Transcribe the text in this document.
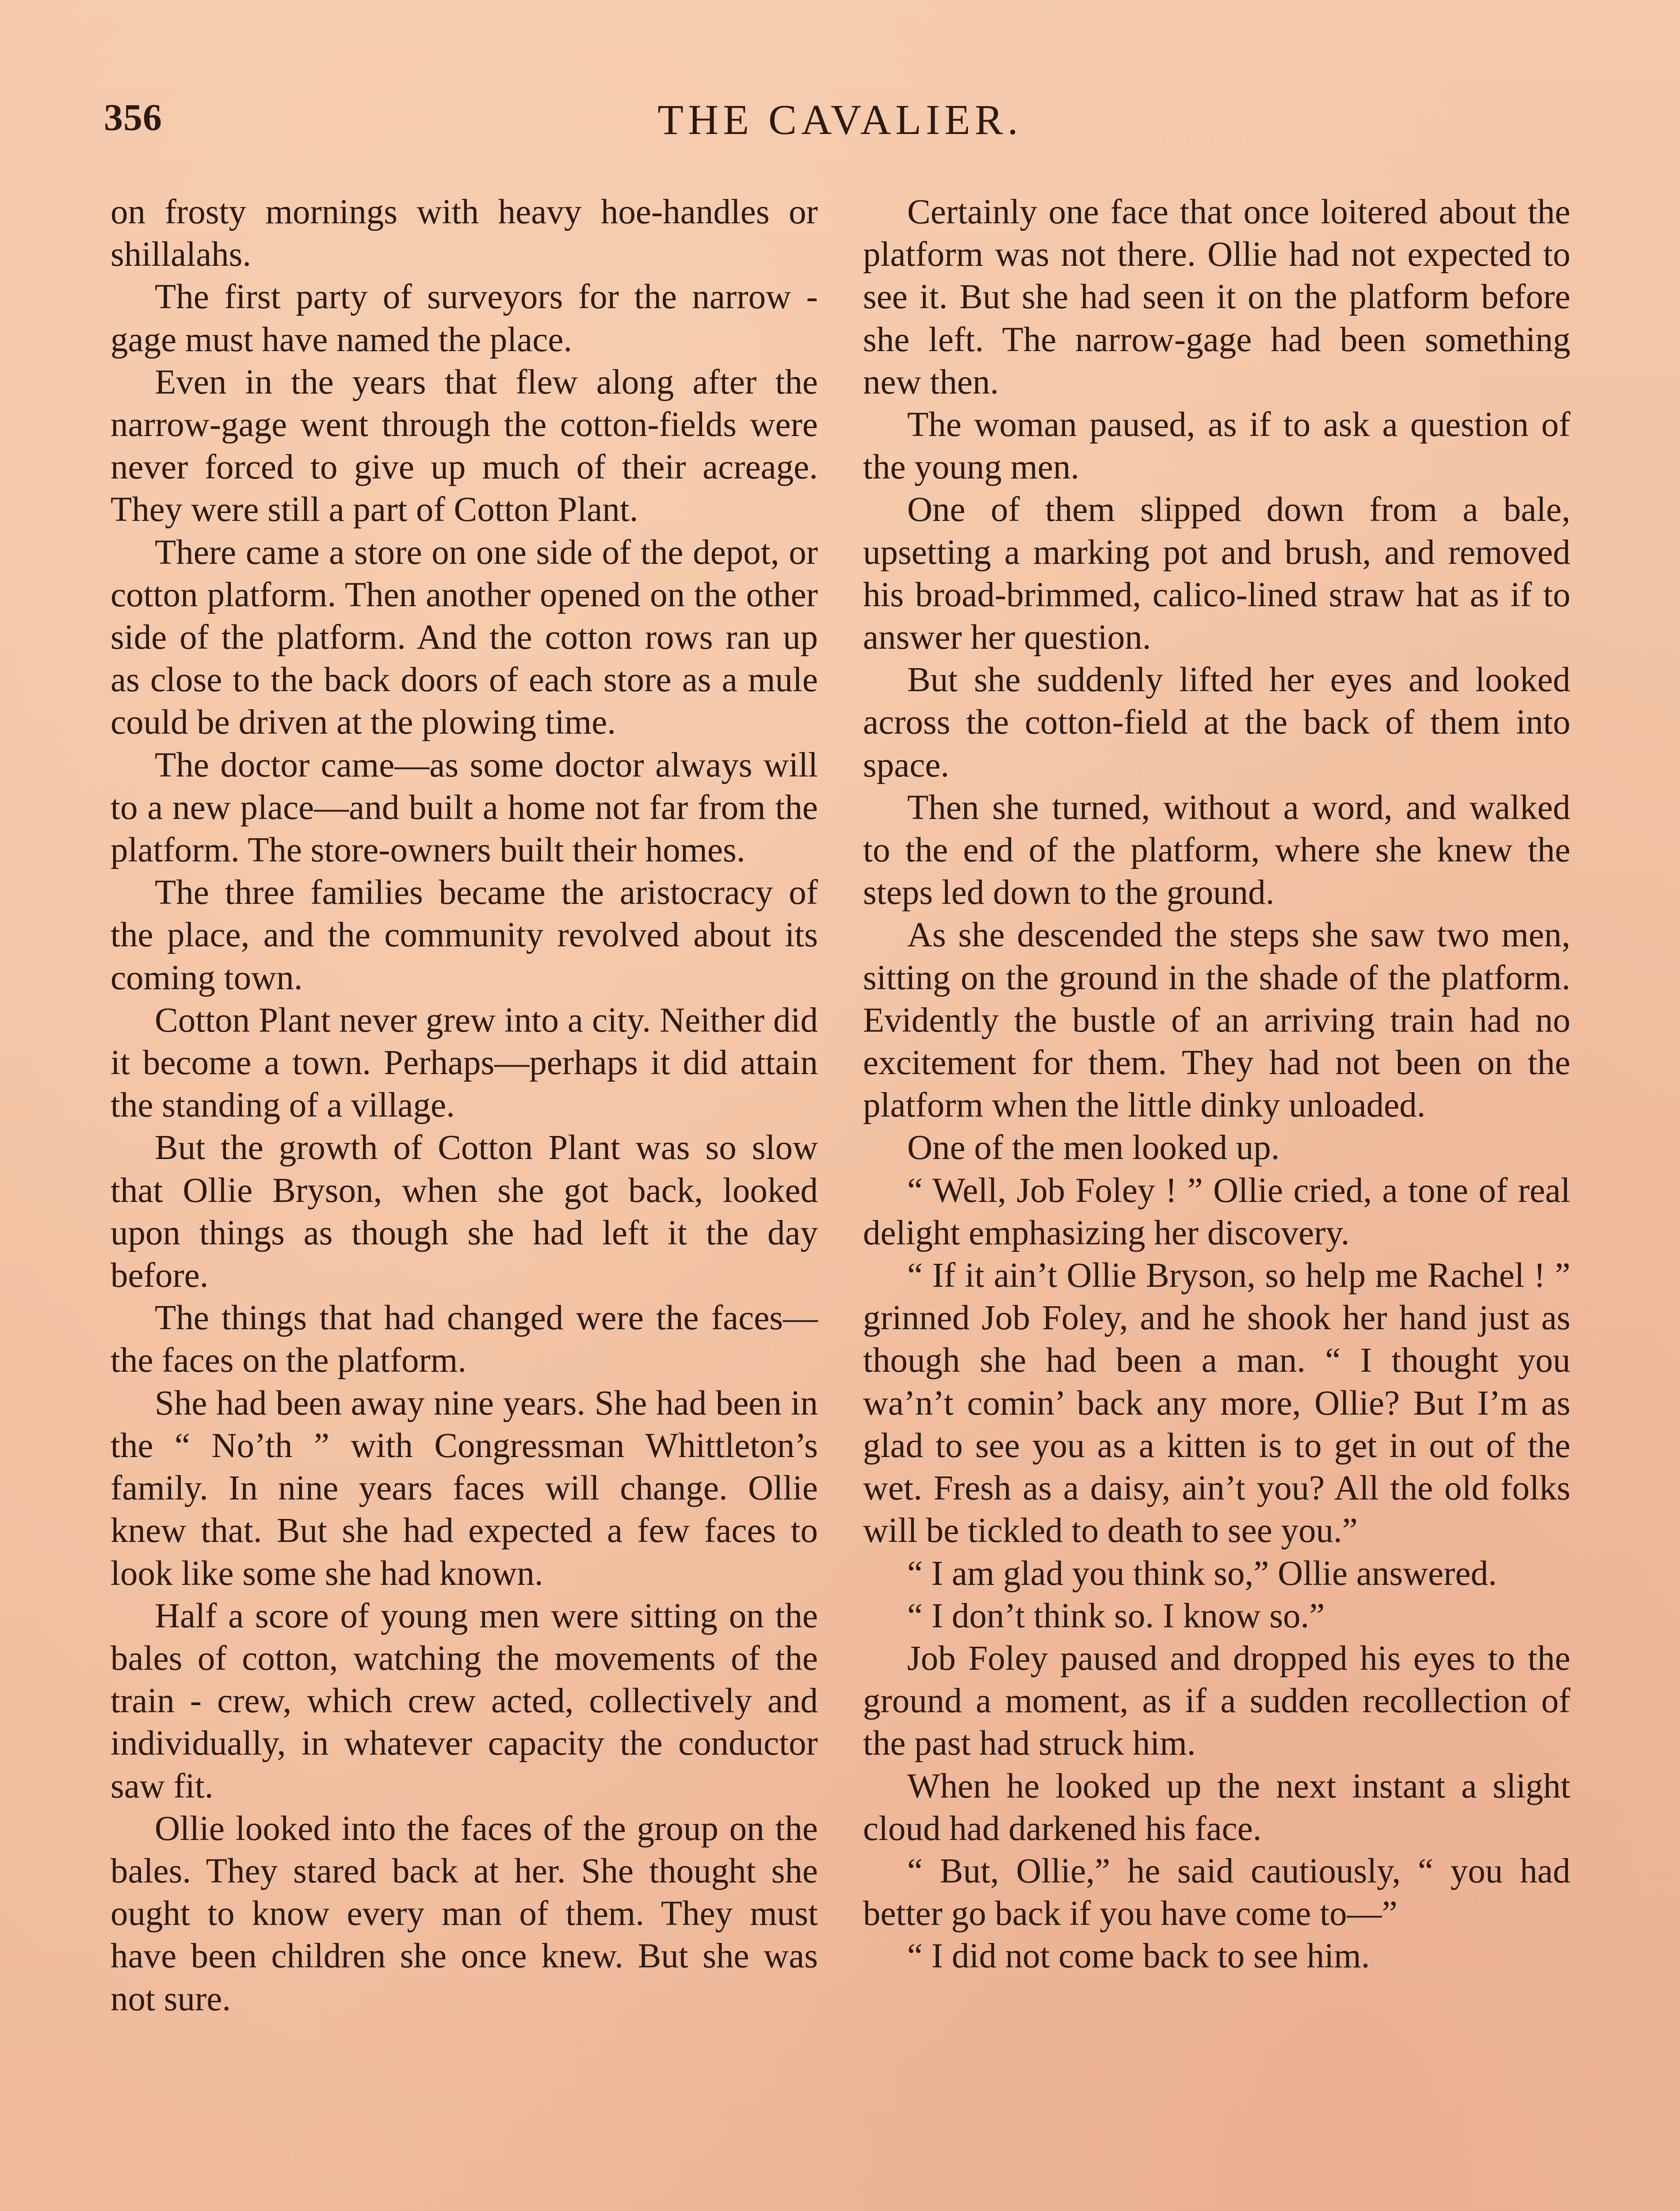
356	THE CAVALIER.

on frosty mornings with heavy hoe-handles or shillalahs.

The first party of surveyors for the narrow - gage must have named the place.

Even in the years that flew along after the narrow-gage went through the cotton-fields were never forced to give up much of their acreage. They were still a part of Cotton Plant.

There came a store on one side of the depot, or cotton platform. Then another opened on the other side of the platform. And the cotton rows ran up as close to the back doors of each store as a mule could be driven at the plowing time.

The doctor came—as some doctor always will to a new place—and built a home not far from the platform. The store-owners built their homes.

The three families became the aristocracy of the place, and the community revolved about its coming town.

Cotton Plant never grew into a city. Neither did it become a town. Perhaps—perhaps it did attain the standing of a village.

But the growth of Cotton Plant was so slow that Ollie Bryson, when she got back, looked upon things as though she had left it the day before.

The things that had changed were the faces—the faces on the platform.

She had been away nine years. She had been in the “ No’th ” with Congressman Whittleton’s family. In nine years faces will change. Ollie knew that. But she had expected a few faces to look like some she had known.

Half a score of young men were sitting on the bales of cotton, watching the movements of the train - crew, which crew acted, collectively and individually, in whatever capacity the conductor saw fit.

Ollie looked into the faces of the group on the bales. They stared back at her. She thought she ought to know every man of them. They must have been children she once knew. But she was not sure.

Certainly one face that once loitered about the platform was not there. Ollie had not expected to see it. But she had seen it on the platform before she left. The narrow-gage had been something new then.

The woman paused, as if to ask a question of the young men.

One of them slipped down from a bale, upsetting a marking pot and brush, and removed his broad-brimmed, calico-lined straw hat as if to answer her question.

But she suddenly lifted her eyes and looked across the cotton-field at the back of them into space.

Then she turned, without a word, and walked to the end of the platform, where she knew the steps led down to the ground.

As she descended the steps she saw two men, sitting on the ground in the shade of the platform. Evidently the bustle of an arriving train had no excitement for them. They had not been on the platform when the little dinky unloaded.

One of the men looked up.

“ Well, Job Foley ! ” Ollie cried, a tone of real delight emphasizing her discovery.

“ If it ain’t Ollie Bryson, so help me Rachel ! ” grinned Job Foley, and he shook her hand just as though she had been a man. “ I thought you wa’n’t comin’ back any more, Ollie? But I’m as glad to see you as a kitten is to get in out of the wet. Fresh as a daisy, ain’t you? All the old folks will be tickled to death to see you.”

“ I am glad you think so,” Ollie answered.

“ I don’t think so. I know so.”

Job Foley paused and dropped his eyes to the ground a moment, as if a sudden recollection of the past had struck him.

When he looked up the next instant a slight cloud had darkened his face.

“ But, Ollie,” he said cautiously, “ you had better go back if you have come to—”

“ I did not come back to see him.
